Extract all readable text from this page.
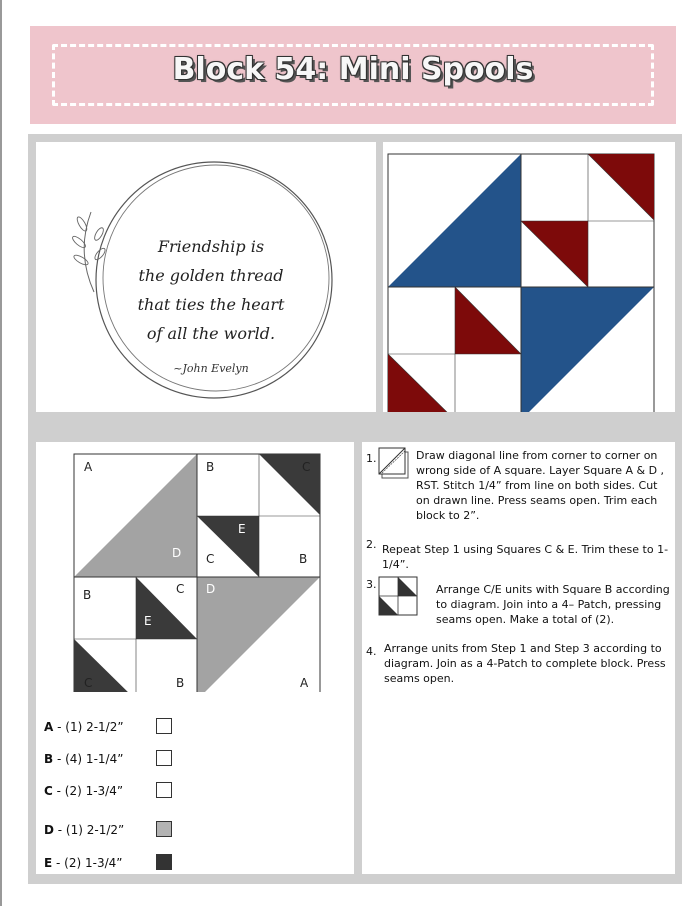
Block 54: Mini Spools
Friendship is
the golden thread
that ties the heart
of all the world.
~John Evelyn
A	B	C
E
E
D C	B
B	C D
E
E
C	B	A
A - (1) 2-1/2”
B - (4) 1-1/4”
C - (2) 1-3/4”
D - (1) 2-1/2”
E - (2) 1-3/4”
1.	Draw diagonal line from corner to corner on wrong side of A square. Layer Square A & D , RST. Stitch 1/4” from line on both sides. Cut on drawn line. Press seams open. Trim each block to 2”.
2. Repeat Step 1 using Squares C & E. Trim these to 1-1/4”.
3.	Arrange C/E units with Square B according to diagram. Join into a 4– Patch, pressing seams open. Make a total of (2).
4. Arrange units from Step 1 and Step 3 according to diagram. Join as a 4-Patch to complete block. Press seams open.
